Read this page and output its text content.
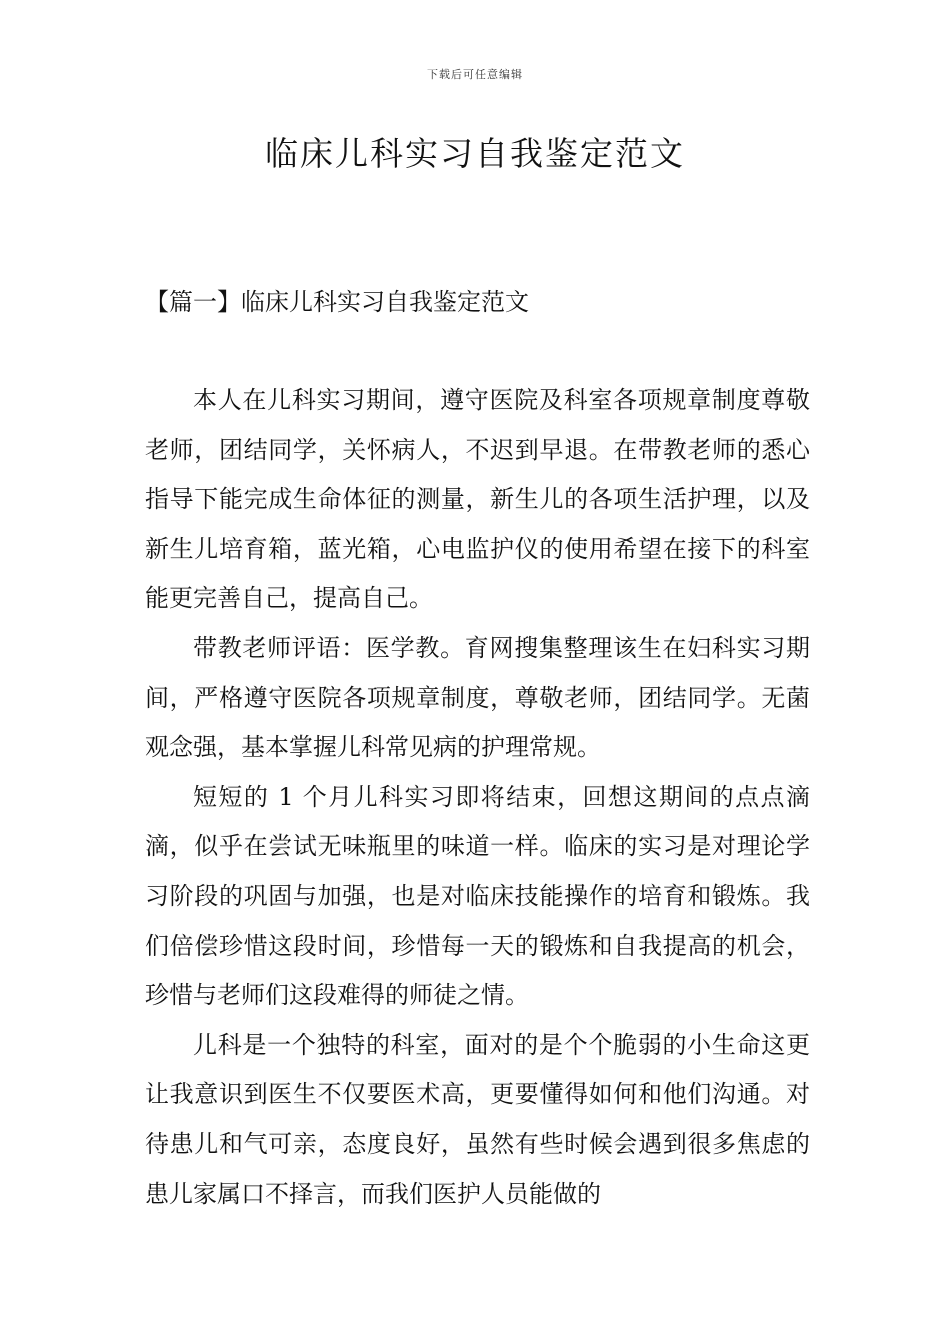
下载后可任意编辑
临床儿科实习自我鉴定范文
【篇一】临床儿科实习自我鉴定范文

本人在儿科实习期间，遵守医院及科室各项规章制度尊敬老师，团结同学，关怀病人，不迟到早退。在带教老师的悉心指导下能完成生命体征的测量，新生儿的各项生活护理，以及新生儿培育箱，蓝光箱，心电监护仪的使用希望在接下的科室能更完善自己，提高自己。

带教老师评语：医学教。育网搜集整理该生在妇科实习期间，严格遵守医院各项规章制度，尊敬老师，团结同学。无菌观念强，基本掌握儿科常见病的护理常规。

短短的 1 个月儿科实习即将结束，回想这期间的点点滴滴，似乎在尝试无味瓶里的味道一样。临床的实习是对理论学习阶段的巩固与加强，也是对临床技能操作的培育和锻炼。我们倍偿珍惜这段时间，珍惜每一天的锻炼和自我提高的机会，珍惜与老师们这段难得的师徒之情。

儿科是一个独特的科室，面对的是个个脆弱的小生命这更让我意识到医生不仅要医术高，更要懂得如何和他们沟通。对待患儿和气可亲，态度良好，虽然有些时候会遇到很多焦虑的患儿家属口不择言，而我们医护人员能做的
